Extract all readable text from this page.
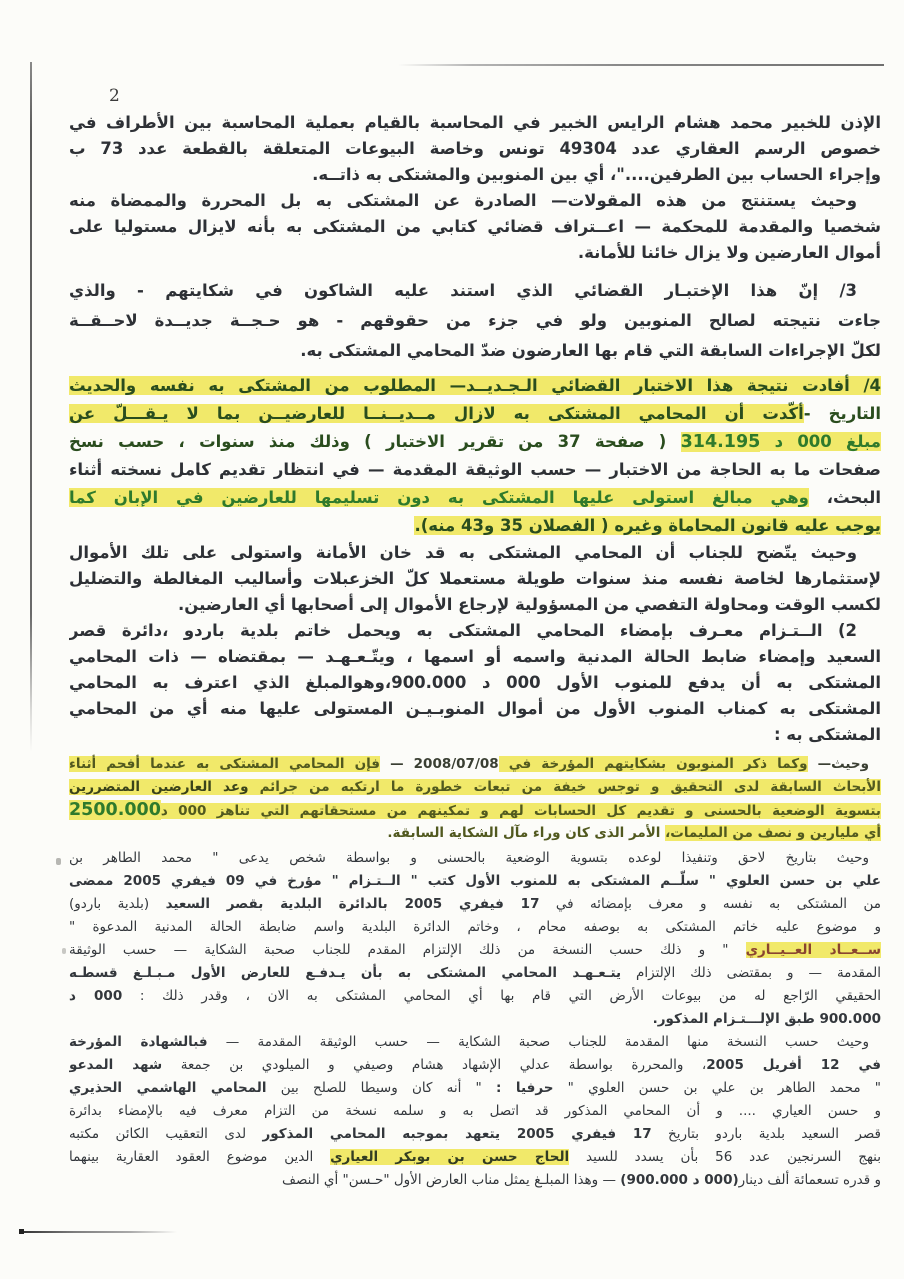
2
الإذن للخبير محمد هشام الرايس الخبير في المحاسبة بالقيام بعملية المحاسبة بين الأطراف في
خصوص الرسم العقاري عدد 49304 تونس وخاصة البيوعات المتعلقة بالقطعة عدد 73 ب
وإجراء الحساب بين الطرفين...."، أي بين المنوبين والمشتكى به ذاتــه.
وحيث يستنتج من هذه المقولات— الصادرة عن المشتكى به بل المحررة والممضاة منه
شخصيا والمقدمة للمحكمة — اعــتراف قضائي كتابي من المشتكى به بأنه لايزال مستوليا على
أموال العارضين ولا يزال خائنا للأمانة.
3/ إنّ هذا الإختبـار القضائي الذي استند عليه الشاكون في شكايتهم - والذي
جاءت نتيجته لصالح المنوبين ولو في جزء من حقوقهم - هو حـجــة جديــدة لاحــقــة
لكلّ الإجراءات السابقة التي قام بها العارضون ضدّ المحامي المشتكى به.
4/ أفادت نتيجة هذا الاختبار القضائي الـجـديــد— المطلوب من المشتكى به نفسه والحديث
التاريخ -أكّدت أن المحامي المشتكى به لازال مــديــنــا للعارضيــن بما لا يـقـــلّ عن
مبلغ 000 د 314.195 ( صفحة 37 من تقرير الاختبار ) وذلك منذ سنوات ، حسب نسخ
صفحات ما به الحاجة من الاختبار — حسب الوثيقة المقدمة — في انتظار تقديم كامل نسخته أثناء
البحث، وهي مبالغ استولى عليها المشتكى به دون تسليمها للعارضين في الإبان كما
يوجب عليه قانون المحاماة وغيره ( الفصلان 35 و43 منه).
وحيث يتّضح للجناب أن المحامي المشتكى به قد خان الأمانة واستولى على تلك الأموال
لإستثمارها لخاصة نفسه منذ سنوات طويلة مستعملا كلّ الخزعبلات وأساليب المغالطة والتضليل
لكسب الوقت ومحاولة التفصي من المسؤولية لإرجاع الأموال إلى أصحابها أي العارضين.
2) الــتـزام معـرف بإمضاء المحامي المشتكى به ويحمل خاتم بلدية باردو ،دائرة قصر
السعيد وإمضاء ضابط الحالة المدنية واسمه أو اسمها ، ويتّـعـهـد — بمقتضاه — ذات المحامي
المشتكى به أن يدفع للمنوب الأول 000 د 900.000،وهوالمبلغ الذي اعترف به المحامي
المشتكى به كمناب المنوب الأول من أموال المنوبـيـن المستولى عليها منه أي من المحامي
المشتكى به :
وحيث— وكما ذكر المنوبون بشكايتهم المؤرخة في 2008/07/08 — فإن المحامي المشتكى به عندما أفحم أثناء
الأبحاث السابقة لدى التحقيق و توجس خيفة من تبعات خطورة ما ارتكبه من جرائم وعد العارضين المتضررين
بتسوية الوضعية بالحسنى و تقديم كل الحسابات لهم و تمكينهم من مستحقاتهم التي تناهز 000 د2500.000
أي مليارين و نصف من المليمات، الأمر الذى كان وراء مآل الشكاية السابقة.
وحيث بتاريخ لاحق وتنفيذا لوعده بتسوية الوضعية بالحسنى و بواسطة شخص يدعى " محمد الطاهر بن
علي بن حسن العلوي " سلّــم المشتكى به للمنوب الأول كتب " الــتـزام " مؤرخ في 09 فيفري 2005 ممضى
من المشتكى به نفسه و معرف بإمضائه في 17 فيفري 2005 بالدائرة البلدية بقصر السعيد (بلدية باردو)
و موضوع عليه خاتم المشتكى به بوصفه محام ، وخاتم الدائرة البلدية واسم ضابطة الحالة المدنية المدعوة "
ســعــاد العــيــاري " و ذلك حسب النسخة من ذلك الإلتزام المقدم للجناب صحبة الشكاية — حسب الوثيقة
المقدمة — و بمقتضى ذلك الإلتزام يتـعـهـد المحامي المشتكى به بأن يـدفـع للعارض الأول مـبـلـغ قسطـه
الحقيقي الرّاجع له من بيوعات الأرض التي قام بها أي المحامي المشتكى به الان ، وقدر ذلك : 000 د
900.000 طبق الإلـــتـزام المذكور.
وحيث حسب النسخة منها المقدمة للجناب صحبة الشكاية — حسب الوثيقة المقدمة — فبالشهادة المؤرخة
في 12 أفريل 2005، والمحررة بواسطة عدلي الإشهاد هشام وصيفي و الميلودي بن جمعة شهد المدعو
" محمد الطاهر بن علي بن حسن العلوي " حرفيا : " أنه كان وسيطا للصلح بين المحامي الهاشمي الحذيري
و حسن العياري .... و أن المحامي المذكور قد اتصل به و سلمه نسخة من التزام معرف فيه بالإمضاء بدائرة
قصر السعيد بلدية باردو بتاريخ 17 فيفري 2005 يتعهد بموجبه المحامي المذكور لدى التعقيب الكائن مكتبه
بنهج السرنجين عدد 56 بأن يسدد للسيد الحاج حسن بن بوبكر العياري الدين موضوع العقود العقارية بينهما
و قدره تسعمائة ألف دينار(000 د 900.000) — وهذا المبلـغ يمثل مناب العارض الأول "حـسن" أي النصف
